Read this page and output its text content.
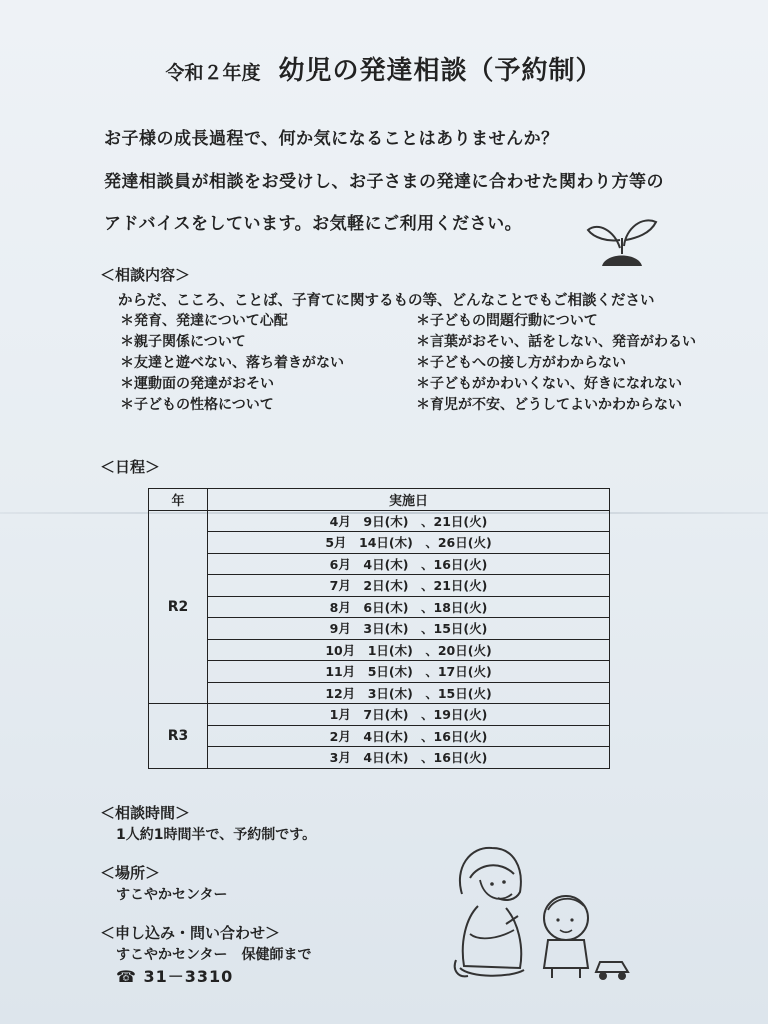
令和２年度 幼児の発達相談（予約制）
お子様の成長過程で、何か気になることはありませんか？
発達相談員が相談をお受けし、お子さまの発達に合わせた関わり方等の
アドバイスをしています。お気軽にご利用ください。
＜相談内容＞
からだ、こころ、ことば、子育てに関するもの等、どんなことでもご相談ください
＊発育、発達について心配
＊親子関係について
＊友達と遊べない、落ち着きがない
＊運動面の発達がおそい
＊子どもの性格について
＊子どもの問題行動について
＊言葉がおそい、話をしない、発音がわるい
＊子どもへの接し方がわからない
＊子どもがかわいくない、好きになれない
＊育児が不安、どうしてよいかわからない
＜日程＞
年	実施日
R2	4月　9日(木)　、21日(火)
	5月　14日(木)　、26日(火)
	6月　4日(木)　、16日(火)
	7月　2日(木)　、21日(火)
	8月　6日(木)　、18日(火)
	9月　3日(木)　、15日(火)
	10月　1日(木)　、20日(火)
	11月　5日(木)　、17日(火)
	12月　3日(木)　、15日(火)
R3	1月　7日(木)　、19日(火)
	2月　4日(木)　、16日(火)
	3月　4日(木)　、16日(火)
＜相談時間＞
1人約1時間半で、予約制です。
＜場所＞
すこやかセンター
＜申し込み・問い合わせ＞
すこやかセンター　保健師まで
☎ 31－3310
